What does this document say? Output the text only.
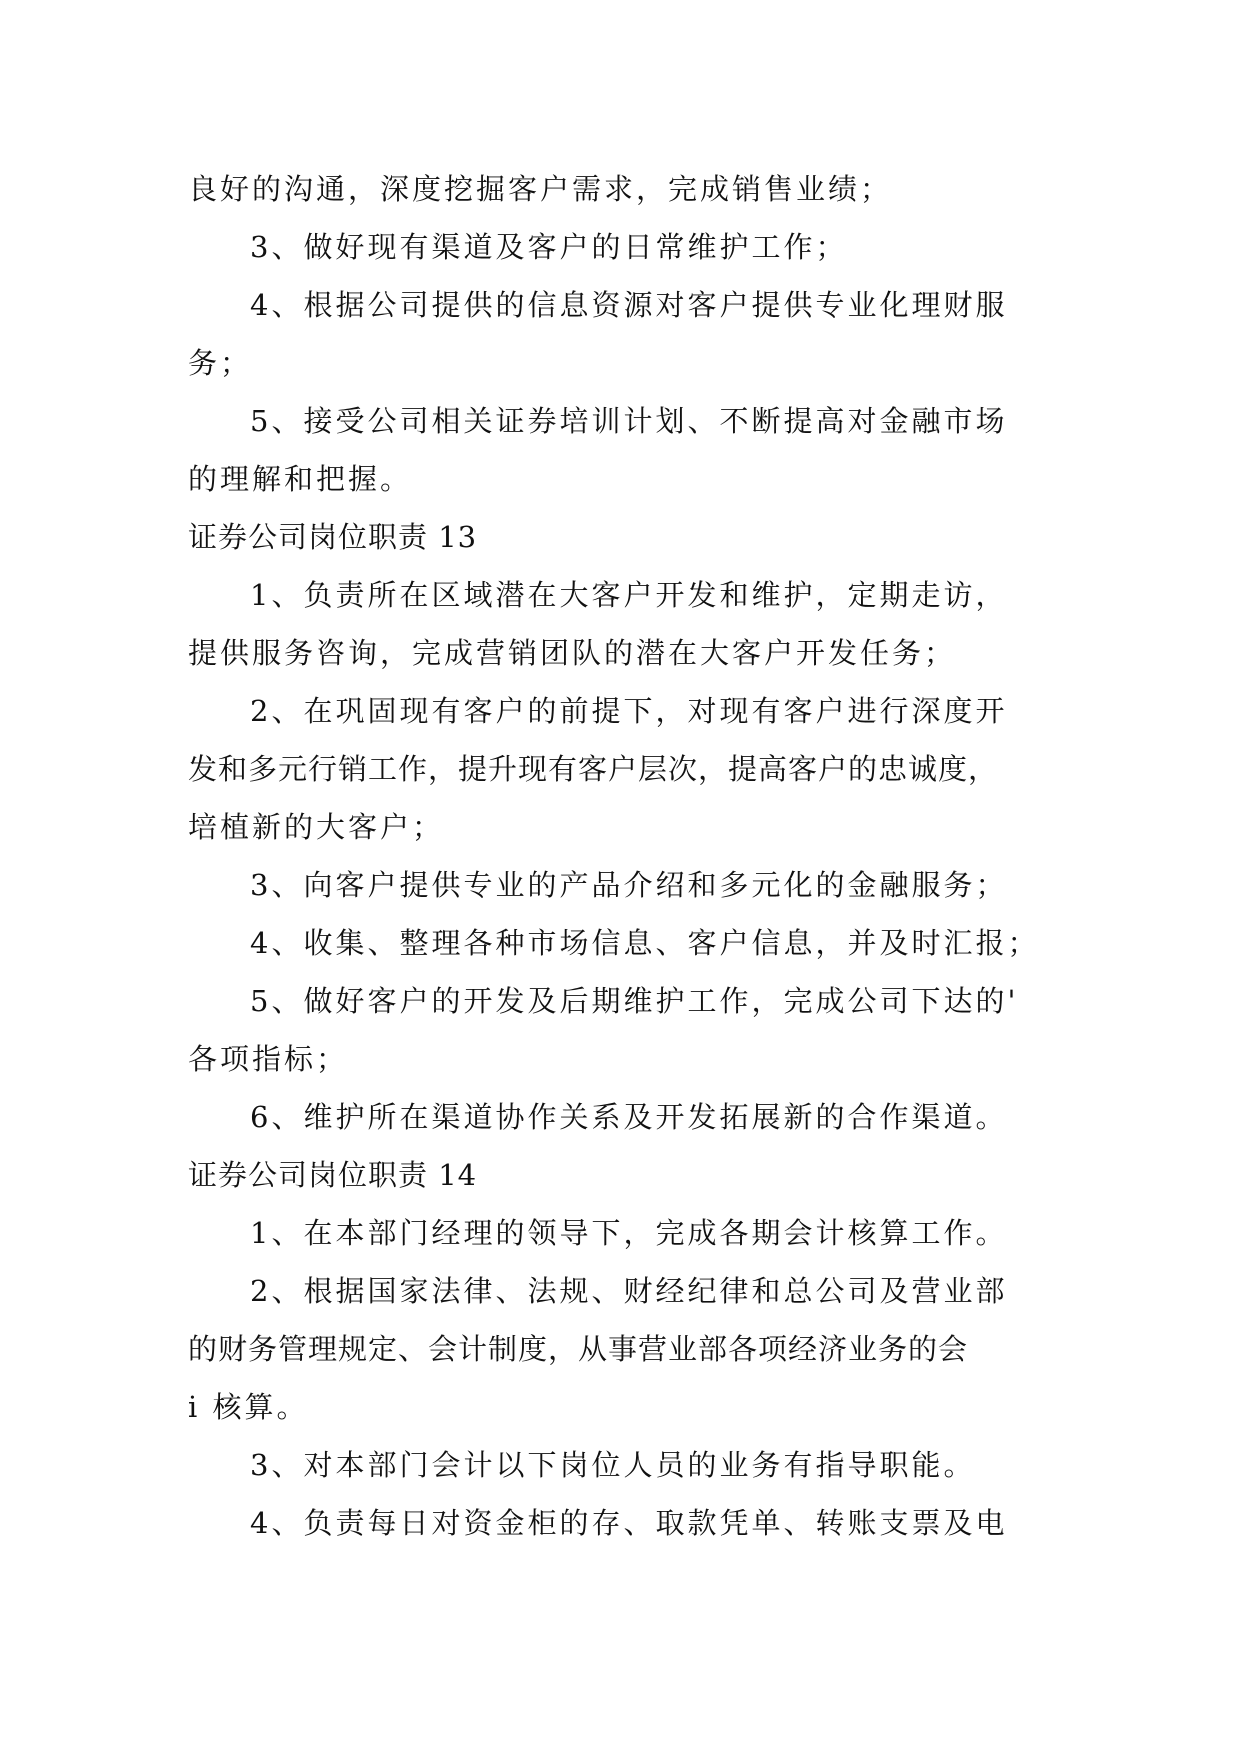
良好的沟通，深度挖掘客户需求，完成销售业绩；
3、做好现有渠道及客户的日常维护工作；
4、根据公司提供的信息资源对客户提供专业化理财服
务；
5、接受公司相关证券培训计划、不断提高对金融市场
的理解和把握。
证券公司岗位职责 13
1、负责所在区域潜在大客户开发和维护，定期走访，
提供服务咨询，完成营销团队的潜在大客户开发任务；
2、在巩固现有客户的前提下，对现有客户进行深度开
发和多元行销工作，提升现有客户层次，提高客户的忠诚度，
培植新的大客户；
3、向客户提供专业的产品介绍和多元化的金融服务；
4、收集、整理各种市场信息、客户信息，并及时汇报；
5、做好客户的开发及后期维护工作，完成公司下达的'
各项指标；
6、维护所在渠道协作关系及开发拓展新的合作渠道。
证券公司岗位职责 14
1、在本部门经理的领导下，完成各期会计核算工作。
2、根据国家法律、法规、财经纪律和总公司及营业部
的财务管理规定、会计制度，从事营业部各项经济业务的会
i 核算。
3、对本部门会计以下岗位人员的业务有指导职能。
4、负责每日对资金柜的存、取款凭单、转账支票及电
